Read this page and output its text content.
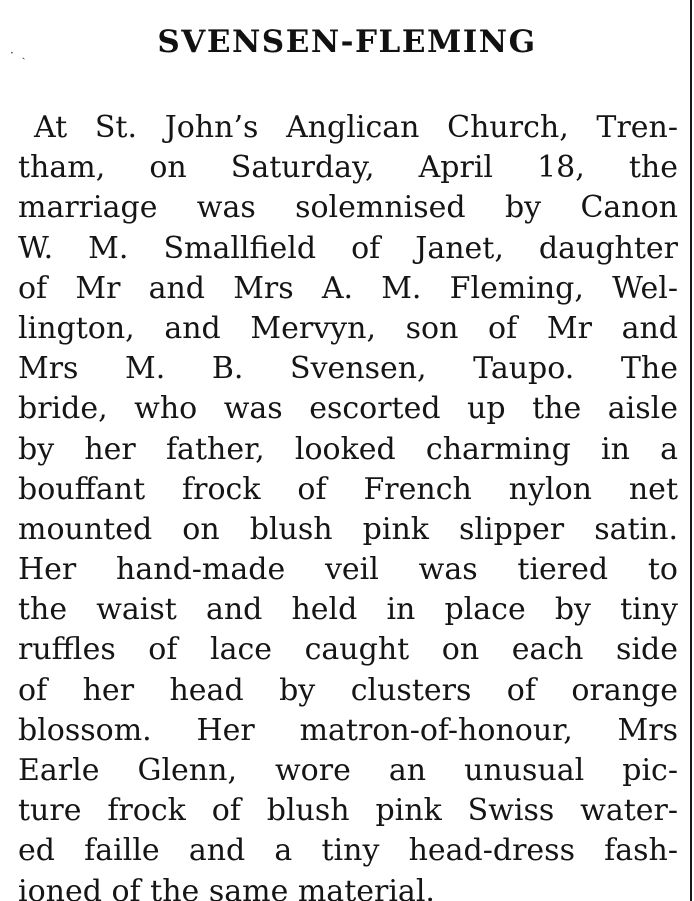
· ˏ	SVENSEN-FLEMING
At St. John’s Anglican Church, Tren-
tham, on Saturday, April 18, the
marriage was solemnised by Canon
W. M. Smallfield of Janet, daughter
of Mr and Mrs A. M. Fleming, Wel-
lington, and Mervyn, son of Mr and
Mrs M. B. Svensen, Taupo. The
bride, who was escorted up the aisle
by her father, looked charming in a
bouffant frock of French nylon net
mounted on blush pink slipper satin.
Her hand-made veil was tiered to
the waist and held in place by tiny
ruffles of lace caught on each side
of her head by clusters of orange
blossom. Her matron-of-honour, Mrs
Earle Glenn, wore an unusual pic-
ture frock of blush pink Swiss water-
ed faille and a tiny head-dress fash-
ioned of the same material.
